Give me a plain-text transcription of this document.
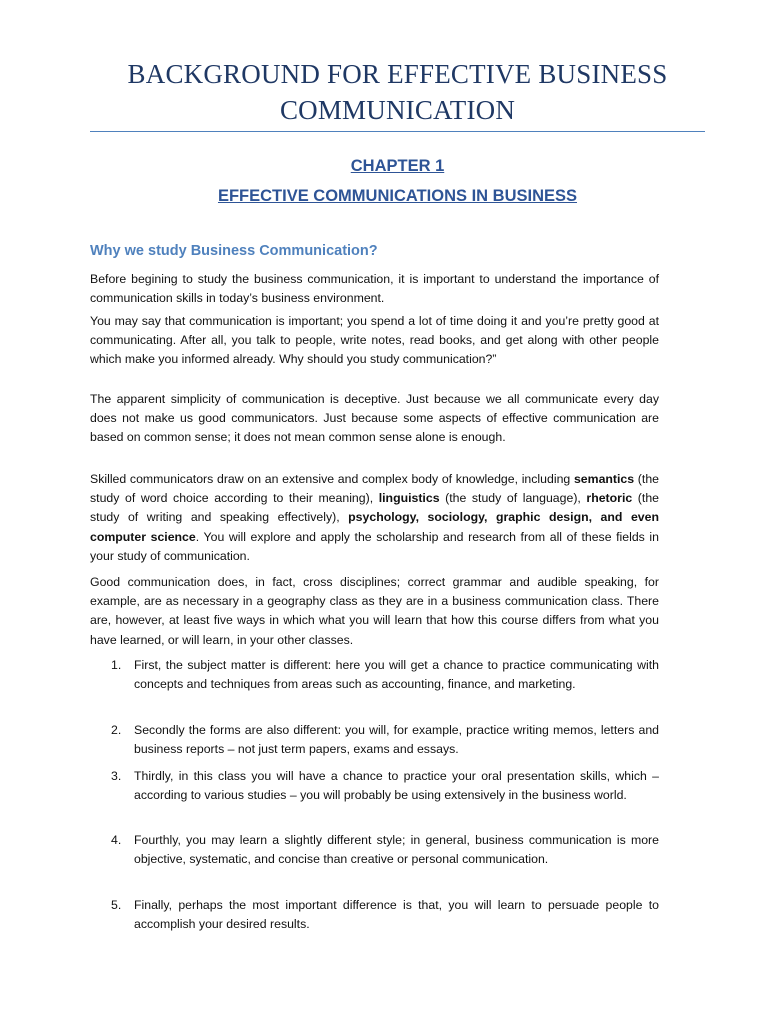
BACKGROUND FOR EFFECTIVE BUSINESS
COMMUNICATION
CHAPTER 1
EFFECTIVE COMMUNICATIONS IN BUSINESS
Why we study Business Communication?

Before begining to study the business communication, it is important to understand the importance of communication skills in today’s business environment.

You may say that communication is important; you spend a lot of time doing it and you’re pretty good at communicating. After all, you talk to people, write notes, read books, and get along with other people which make you informed already. Why should you study communication?”

The apparent simplicity of communication is deceptive. Just because we all communicate every day does not make us good communicators. Just because some aspects of effective communication are based on common sense; it does not mean common sense alone is enough.

Skilled communicators draw on an extensive and complex body of knowledge, including semantics (the study of word choice according to their meaning), linguistics (the study of language), rhetoric (the study of writing and speaking effectively), psychology, sociology, graphic design, and even computer science. You will explore and apply the scholarship and research from all of these fields in your study of communication.

Good communication does, in fact, cross disciplines; correct grammar and audible speaking, for example, are as necessary in a geography class as they are in a business communication class. There are, however, at least five ways in which what you will learn that how this course differs from what you have learned, or will learn, in your other classes.

1.	First, the subject matter is different: here you will get a chance to practice communicating with concepts and techniques from areas such as accounting, finance, and marketing.
2.	Secondly the forms are also different: you will, for example, practice writing memos, letters and business reports – not just term papers, exams and essays.
3.	Thirdly, in this class you will have a chance to practice your oral presentation skills, which – according to various studies – you will probably be using extensively in the business world.
4.	Fourthly, you may learn a slightly different style; in general, business communication is more objective, systematic, and concise than creative or personal communication.
5.	Finally, perhaps the most important difference is that, you will learn to persuade people to accomplish your desired results.
